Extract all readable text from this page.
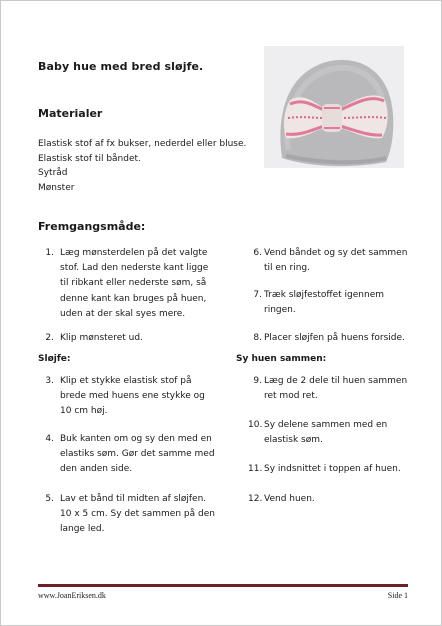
Baby hue med bred sløjfe.
Materialer
Elastisk stof af fx bukser, nederdel eller bluse.
Elastisk stof til båndet.
Sytråd
Mønster
Fremgangsmåde:
1. Læg mønsterdelen på det valgte
stof. Lad den nederste kant ligge
til ribkant eller nederste søm, så
denne kant kan bruges på huen,
uden at der skal syes mere.
2. Klip mønsteret ud.
Sløjfe:
3. Klip et stykke elastisk stof på
brede med huens ene stykke og
10 cm høj.
4. Buk kanten om og sy den med en
elastiks søm. Gør det samme med
den anden side.
5. Lav et bånd til midten af sløjfen.
10 x 5 cm. Sy det sammen på den
lange led.
6. Vend båndet og sy det sammen
til en ring.
7. Træk sløjfestoffet igennem
ringen.
8. Placer sløjfen på huens forside.
Sy huen sammen:
9. Læg de 2 dele til huen sammen
ret mod ret.
10. Sy delene sammen med en
elastisk søm.
11. Sy indsnittet i toppen af huen.
12. Vend huen.
www.JoanEriksen.dk	Side 1
